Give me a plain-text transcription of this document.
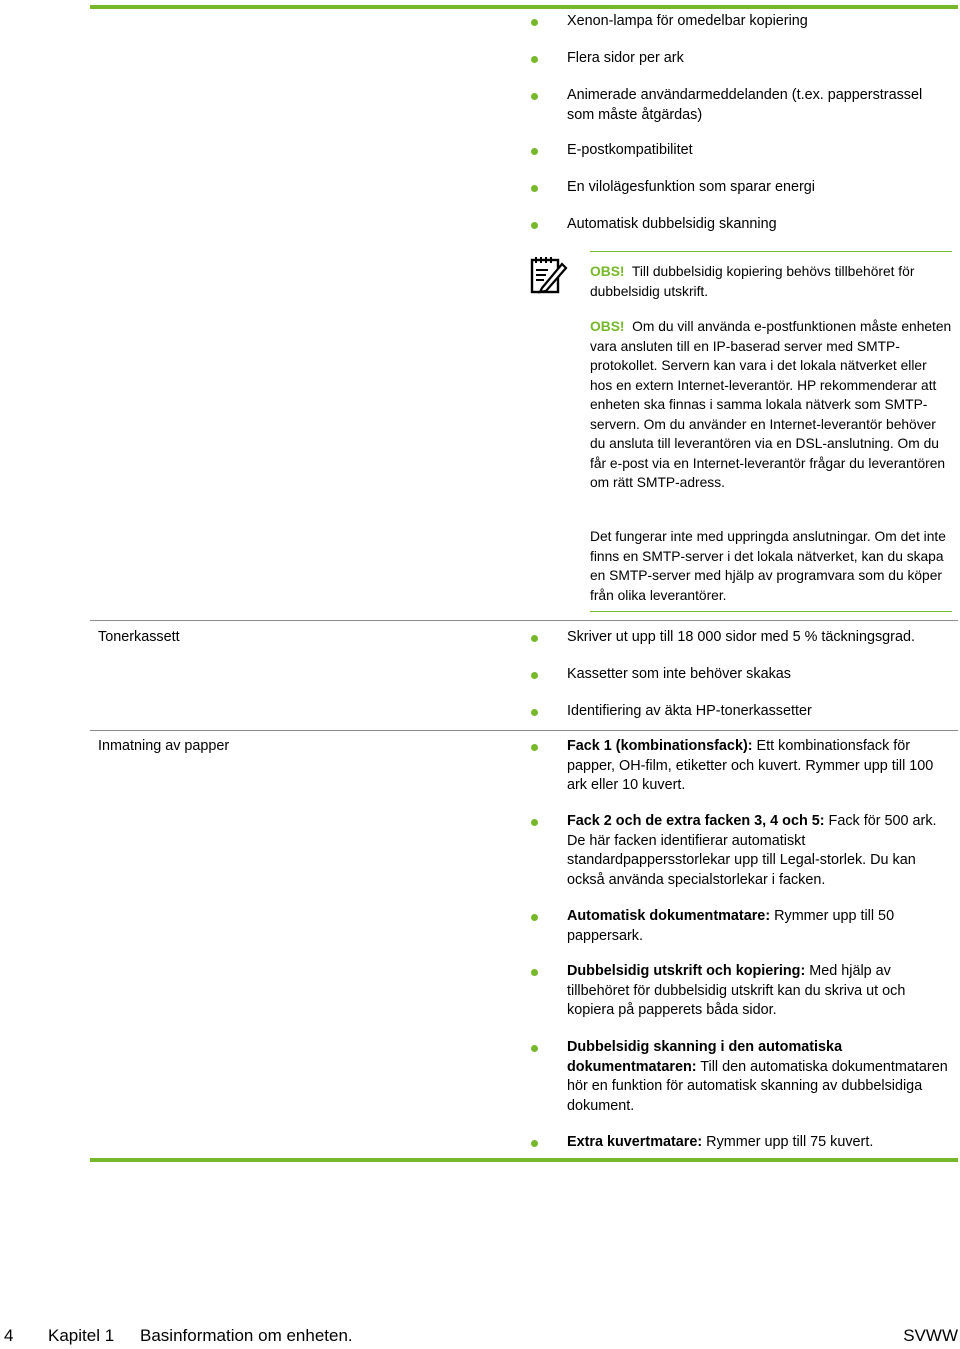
Xenon-lampa för omedelbar kopiering
Flera sidor per ark
Animerade användarmeddelanden (t.ex. papperstrassel som måste åtgärdas)
E-postkompatibilitet
En vilolägesfunktion som sparar energi
Automatisk dubbelsidig skanning
OBS! Till dubbelsidig kopiering behövs tillbehöret för dubbelsidig utskrift.
OBS! Om du vill använda e-postfunktionen måste enheten vara ansluten till en IP-baserad server med SMTP-protokollet. Servern kan vara i det lokala nätverket eller hos en extern Internet-leverantör. HP rekommenderar att enheten ska finnas i samma lokala nätverk som SMTP-servern. Om du använder en Internet-leverantör behöver du ansluta till leverantören via en DSL-anslutning. Om du får e-post via en Internet-leverantör frågar du leverantören om rätt SMTP-adress.
Det fungerar inte med uppringda anslutningar. Om det inte finns en SMTP-server i det lokala nätverket, kan du skapa en SMTP-server med hjälp av programvara som du köper från olika leverantörer.
Tonerkassett	Skriver ut upp till 18 000 sidor med 5 % täckningsgrad.
Kassetter som inte behöver skakas
Identifiering av äkta HP-tonerkassetter
Inmatning av papper	Fack 1 (kombinationsfack): Ett kombinationsfack för papper, OH-film, etiketter och kuvert. Rymmer upp till 100 ark eller 10 kuvert.
Fack 2 och de extra facken 3, 4 och 5: Fack för 500 ark. De här facken identifierar automatiskt standardpappersstorlekar upp till Legal-storlek. Du kan också använda specialstorlekar i facken.
Automatisk dokumentmatare: Rymmer upp till 50 pappersark.
Dubbelsidig utskrift och kopiering: Med hjälp av tillbehöret för dubbelsidig utskrift kan du skriva ut och kopiera på papperets båda sidor.
Dubbelsidig skanning i den automatiska dokumentmataren: Till den automatiska dokumentmataren hör en funktion för automatisk skanning av dubbelsidiga dokument.
Extra kuvertmatare: Rymmer upp till 75 kuvert.
4 Kapitel 1 Basinformation om enheten.	SVWW
